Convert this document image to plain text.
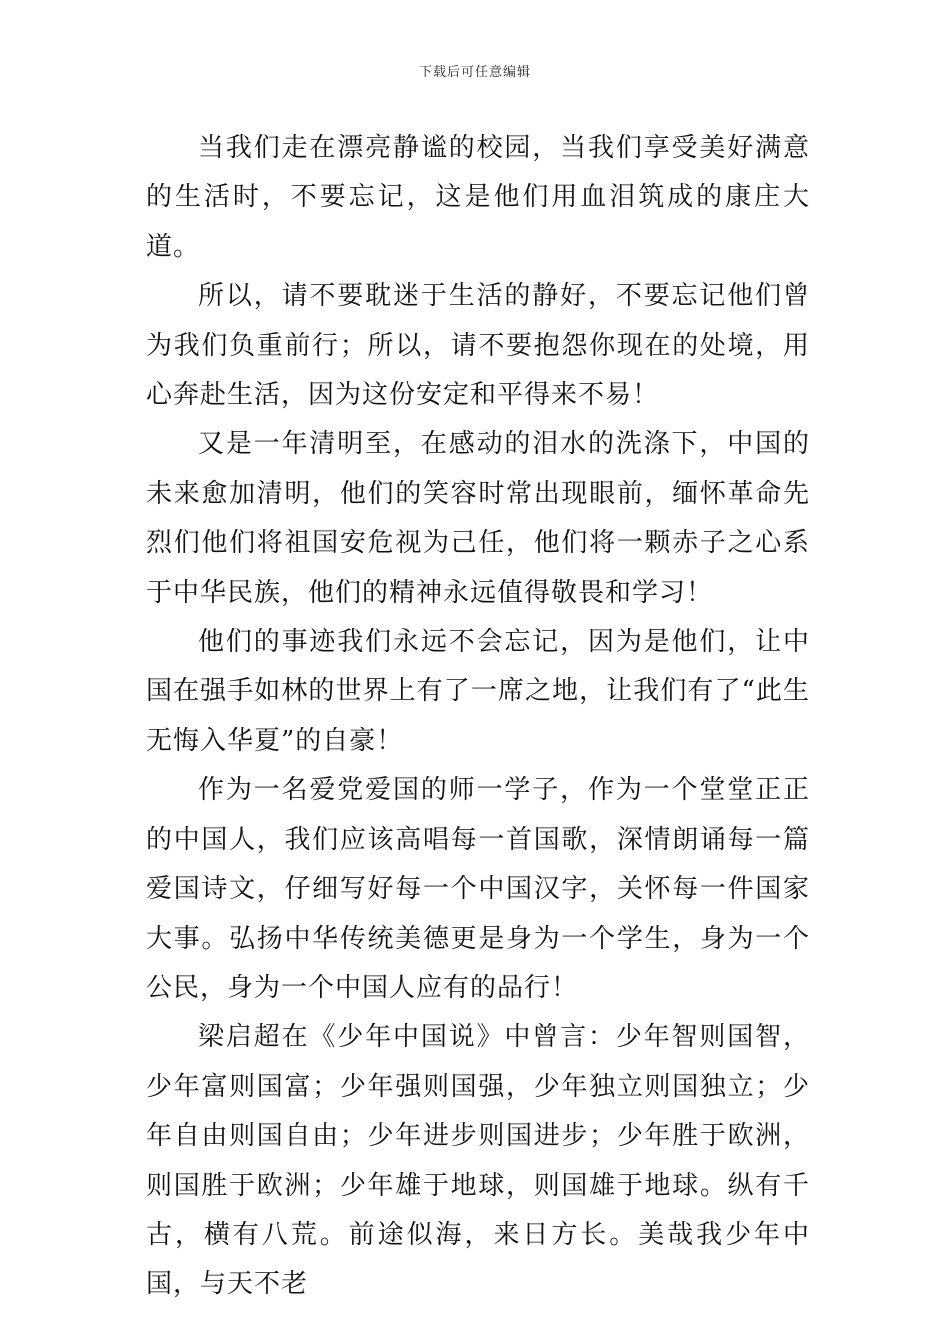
下载后可任意编辑

当我们走在漂亮静谧的校园，当我们享受美好满意的生活时，不要忘记，这是他们用血泪筑成的康庄大道。

所以，请不要耽迷于生活的静好，不要忘记他们曾为我们负重前行；所以，请不要抱怨你现在的处境，用心奔赴生活，因为这份安定和平得来不易！

又是一年清明至，在感动的泪水的洗涤下，中国的未来愈加清明，他们的笑容时常出现眼前，缅怀革命先烈们他们将祖国安危视为己任，他们将一颗赤子之心系于中华民族，他们的精神永远值得敬畏和学习！

他们的事迹我们永远不会忘记，因为是他们，让中国在强手如林的世界上有了一席之地，让我们有了“此生无悔入华夏”的自豪！

作为一名爱党爱国的师一学子，作为一个堂堂正正的中国人，我们应该高唱每一首国歌，深情朗诵每一篇爱国诗文，仔细写好每一个中国汉字，关怀每一件国家大事。弘扬中华传统美德更是身为一个学生，身为一个公民，身为一个中国人应有的品行！

梁启超在《少年中国说》中曾言：少年智则国智，少年富则国富；少年强则国强，少年独立则国独立；少年自由则国自由；少年进步则国进步；少年胜于欧洲，则国胜于欧洲；少年雄于地球，则国雄于地球。纵有千古，横有八荒。前途似海，来日方长。美哉我少年中国，与天不老
